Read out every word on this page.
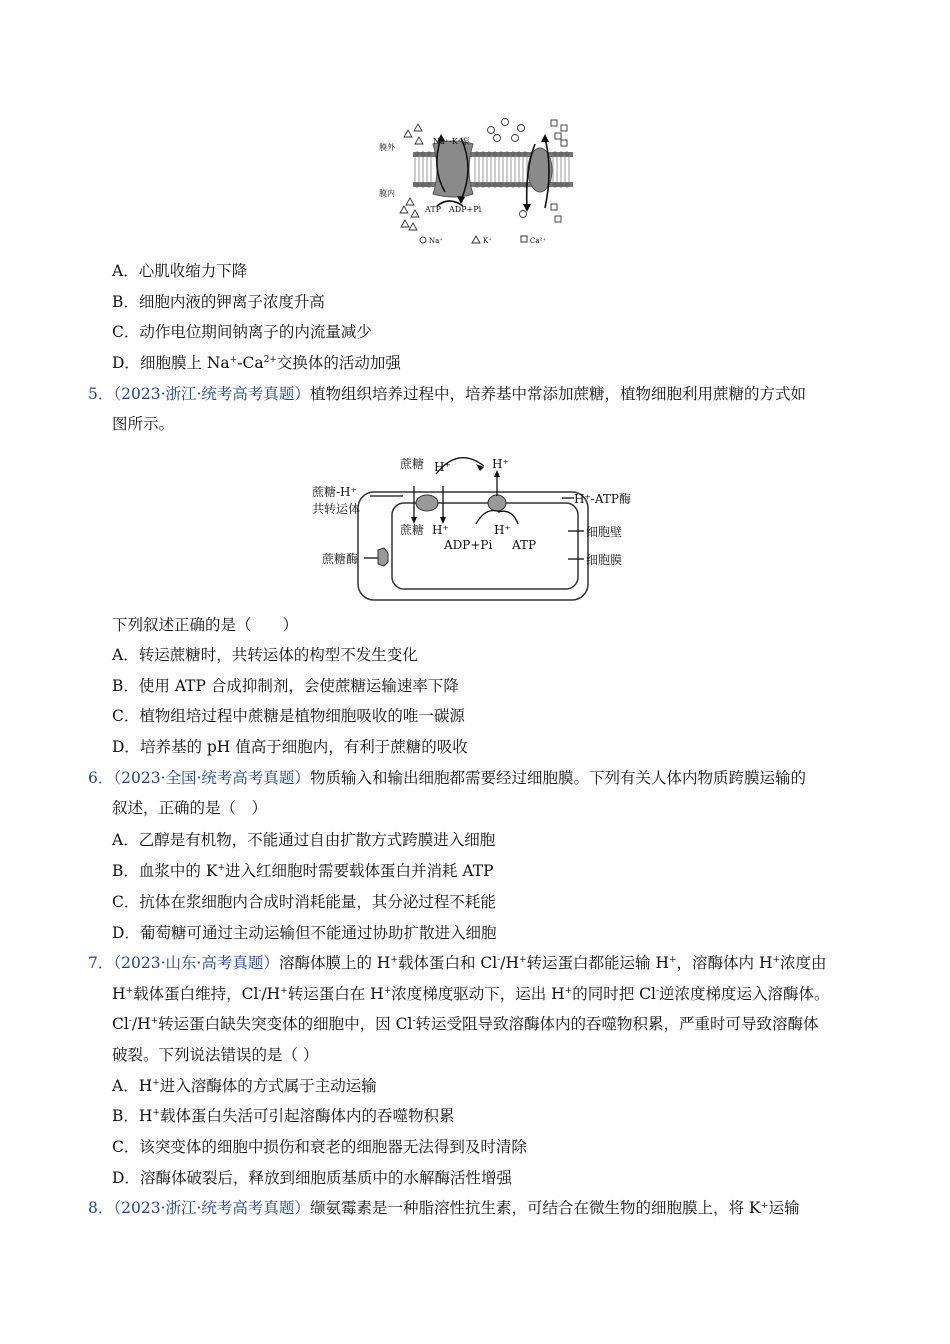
膜外
膜内
Na⁺-K⁺泵
ATP ADP+Pi
Na⁺	K⁺	Ca²⁺
A．心肌收缩力下降
B．细胞内液的钾离子浓度升高
C．动作电位期间钠离子的内流量减少
D．细胞膜上 $Na^+-Ca^{2+}$交换体的活动加强
5．（2023·浙江·统考高考真题）植物组织培养过程中，培养基中常添加蔗糖，植物细胞利用蔗糖的方式如
图所示。
蔗糖 H⁺	H⁺
蔗糖-H⁺
共转运体
H⁺-ATP酶
蔗糖 H⁺	H⁺
ADP+Pi ATP
细胞壁
细胞膜
蔗糖酶
下列叙述正确的是（　　）
A．转运蔗糖时，共转运体的构型不发生变化
B．使用 ATP 合成抑制剂，会使蔗糖运输速率下降
C．植物组培过程中蔗糖是植物细胞吸收的唯一碳源
D．培养基的 pH 值高于细胞内，有利于蔗糖的吸收
6．（2023·全国·统考高考真题）物质输入和输出细胞都需要经过细胞膜。下列有关人体内物质跨膜运输的
叙述，正确的是（　）
A．乙醇是有机物，不能通过自由扩散方式跨膜进入细胞
B．血浆中的 K+进入红细胞时需要载体蛋白并消耗 ATP
C．抗体在浆细胞内合成时消耗能量，其分泌过程不耗能
D．葡萄糖可通过主动运输但不能通过协助扩散进入细胞
7．（2023·山东·高考真题）溶酶体膜上的 H+载体蛋白和 Cl-/H+转运蛋白都能运输 H+，溶酶体内 H+浓度由
H+载体蛋白维持，Cl-/H+转运蛋白在 H+浓度梯度驱动下，运出 H+的同时把 Cl-逆浓度梯度运入溶酶体。
Cl-/H+转运蛋白缺失突变体的细胞中，因 Cl-转运受阻导致溶酶体内的吞噬物积累，严重时可导致溶酶体
破裂。下列说法错误的是（ ）
A．H+进入溶酶体的方式属于主动运输
B．H+载体蛋白失活可引起溶酶体内的吞噬物积累
C．该突变体的细胞中损伤和衰老的细胞器无法得到及时清除
D．溶酶体破裂后，释放到细胞质基质中的水解酶活性增强
8．（2023·浙江·统考高考真题）缬氨霉素是一种脂溶性抗生素，可结合在微生物的细胞膜上，将 K⁺运输
